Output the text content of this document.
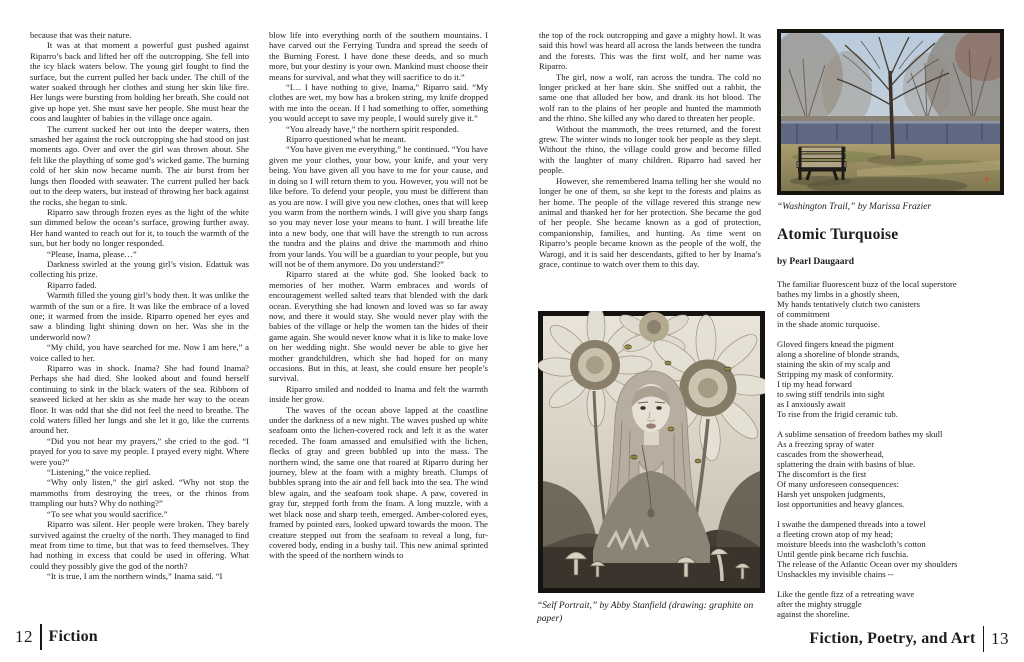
because that was their nature.

It was at that moment a powerful gust pushed against Riparro’s back and lifted her off the outcropping. She fell into the icy black waters below. The young girl fought to find the surface, but the current pulled her back under. The chill of the water soaked through her clothes and stung her skin like fire. Her lungs were bursting from holding her breath. She could not give up hope yet. She must save her people. She must hear the coos and laughter of babies in the village once again.

The current sucked her out into the deeper waters, then smashed her against the rock outcropping she had stood on just moments ago. Over and over the girl was thrown about. She felt like the plaything of some god’s wicked game. The burning cold of her skin now became numb. The air burst from her lungs then flooded with seawater. The current pulled her back out to the deep waters, but instead of throwing her back against the rocks, she began to sink.

Riparro saw through frozen eyes as the light of the white sun dimmed below the ocean’s surface, growing further away. Her hand wanted to reach out for it, to touch the warmth of the sun, but her body no longer responded.

“Please, Inama, please…”

Darkness swirled at the young girl’s vision. Edattuk was collecting his prize.

Riparro faded.

Warmth filled the young girl’s body then. It was unlike the warmth of the sun or a fire. It was like the embrace of a loved one; it warmed from the inside. Riparro opened her eyes and saw a blinding light shining down on her. Was she in the underworld now?

“My child, you have searched for me. Now I am here,” a voice called to her.

Riparro was in shock. Inama? She had found Inama? Perhaps she had died. She looked about and found herself continuing to sink in the black waters of the sea. Ribbons of seaweed licked at her skin as she made her way to the ocean floor. It was odd that she did not feel the need to breathe. The cold waters filled her lungs and she let it go, like the currents around her.

“Did you not hear my prayers,” she cried to the god. “I prayed for you to save my people. I prayed every night. Where were you?”

“Listening,” the voice replied.

“Why only listen,” the girl asked. “Why not stop the mammoths from destroying the trees, or the rhinos from trampling our huts? Why do nothing?”

“To see what you would sacrifice.”

Riparro was silent. Her people were broken. They barely survived against the cruelty of the north. They managed to find meat from time to time, but that was to feed themselves. They had nothing in excess that could be used in offering. What could they possibly give the god of the north?

“It is true, I am the northern winds,” Inama said. “I

blow life into everything north of the southern mountains. I have carved out the Ferrying Tundra and spread the seeds of the Burning Forest. I have done these deeds, and so much more, but your destiny is your own. Mankind must choose their means for survival, and what they will sacrifice to do it.”

“I… I have nothing to give, Inama,” Riparro said. “My clothes are wet, my bow has a broken string, my knife dropped with me into the ocean. If I had something to offer, something you would accept to save my people, I would surely give it.”

“You already have,” the northern spirit responded.

Riparro questioned what he meant.

“You have given me everything,” he continued. “You have given me your clothes, your bow, your knife, and your very being. You have given all you have to me for your cause, and in doing so I will return them to you. However, you will not be like before. To defend your people, you must be different than as you are now. I will give you new clothes, ones that will keep you warm from the northern winds. I will give you sharp fangs so you may never lose your means to hunt. I will breathe life into a new body, one that will have the strength to run across the tundra and the plains and drive the mammoth and rhino from your lands. You will be a guardian to your people, but you will not be of them anymore. Do you understand?”

Riparro stared at the white god. She looked back to memories of her mother. Warm embraces and words of encouragement welled salted tears that blended with the dark ocean. Everything she had known and loved was so far away now, and there it would stay. She would never play with the babies of the village or help the women tan the hides of their game again. She would never know what it is like to make love on her wedding night. She would never be able to give her mother grandchildren, which she had hoped for on many occasions. But in this, at least, she could ensure her people’s survival.

Riparro smiled and nodded to Inama and felt the warmth inside her grow.

The waves of the ocean above lapped at the coastline under the darkness of a new night. The waves pushed up white seafoam onto the lichen-covered rock and left it as the water receded. The foam amassed and emulsified with the lichen, flecks of gray and green bubbled up into the mass. The northern wind, the same one that roared at Riparro during her journey, blew at the foam with a mighty breath. Clumps of bubbles sprang into the air and fell back into the sea. The wind blew again, and the seafoam took shape. A paw, covered in gray fur, stepped forth from the foam. A long muzzle, with a wet black nose and sharp teeth, emerged. Amber-colored eyes, framed by pointed ears, looked upward towards the moon. The creature stepped out from the seafoam to reveal a long, fur-covered body, ending in a bushy tail. This new animal sprinted with the speed of the northern winds to

12 Fiction

the top of the rock outcropping and gave a mighty howl. It was said this howl was heard all across the lands between the tundra and the forests. This was the first wolf, and her name was Riparro.

The girl, now a wolf, ran across the tundra. The cold no longer pricked at her bare skin. She sniffed out a rabbit, the same one that alluded her bow, and drank its hot blood. The wolf ran to the plains of her people and hunted the mammoth and the rhino. She killed any who dared to threaten her people.

Without the mammoth, the trees returned, and the forest grew. The winter winds no longer took her people as they slept. Without the rhino, the village could grow and become filled with the laughter of many children. Riparro had saved her people.

However, she remembered Inama telling her she would no longer be one of them, so she kept to the forests and plains as her home. The people of the village revered this strange new animal and thanked her for her protection. She became the god of her people. She became known as a god of protection, companionship, families, and hunting. As time went on Riparro’s people became known as the people of the wolf, the Warogi, and it is said her descendants, gifted to her by Inama’s grace, continue to watch over them to this day.

“Self Portrait,” by Abby Stanfield (drawing: graphite on paper)
“Washington Trail,” by Marissa Frazier
Atomic Turquoise
by Pearl Daugaard
The familiar fluorescent buzz of the local superstore
bathes my limbs in a ghostly sheen,
My hands tentatively clutch two canisters
of commitment
in the shade atomic turquoise.
Gloved fingers knead the pigment
along a shoreline of blonde strands,
staining the skin of my scalp and
Stripping my mask of conformity.
I tip my head forward
to swing stiff tendrils into sight
as I anxiously await
To rise from the frigid ceramic tub.
A sublime sensation of freedom bathes my skull
As a freezing spray of water
cascades from the showerhead,
splattering the drain with basins of blue.
The discomfort is the first
Of many unforeseen consequences:
Harsh yet unspoken judgments,
lost opportunities and heavy glances.
I swathe the dampened threads into a towel
a fleeting crown atop of my head;
moisture bleeds into the washcloth’s cotton
Until gentle pink became rich fuschia.
The release of the Atlantic Ocean over my shoulders
Unshackles my invisible chains --
Like the gentle fizz of a retreating wave
after the mighty struggle
against the shoreline.
Fiction, Poetry, and Art 13
